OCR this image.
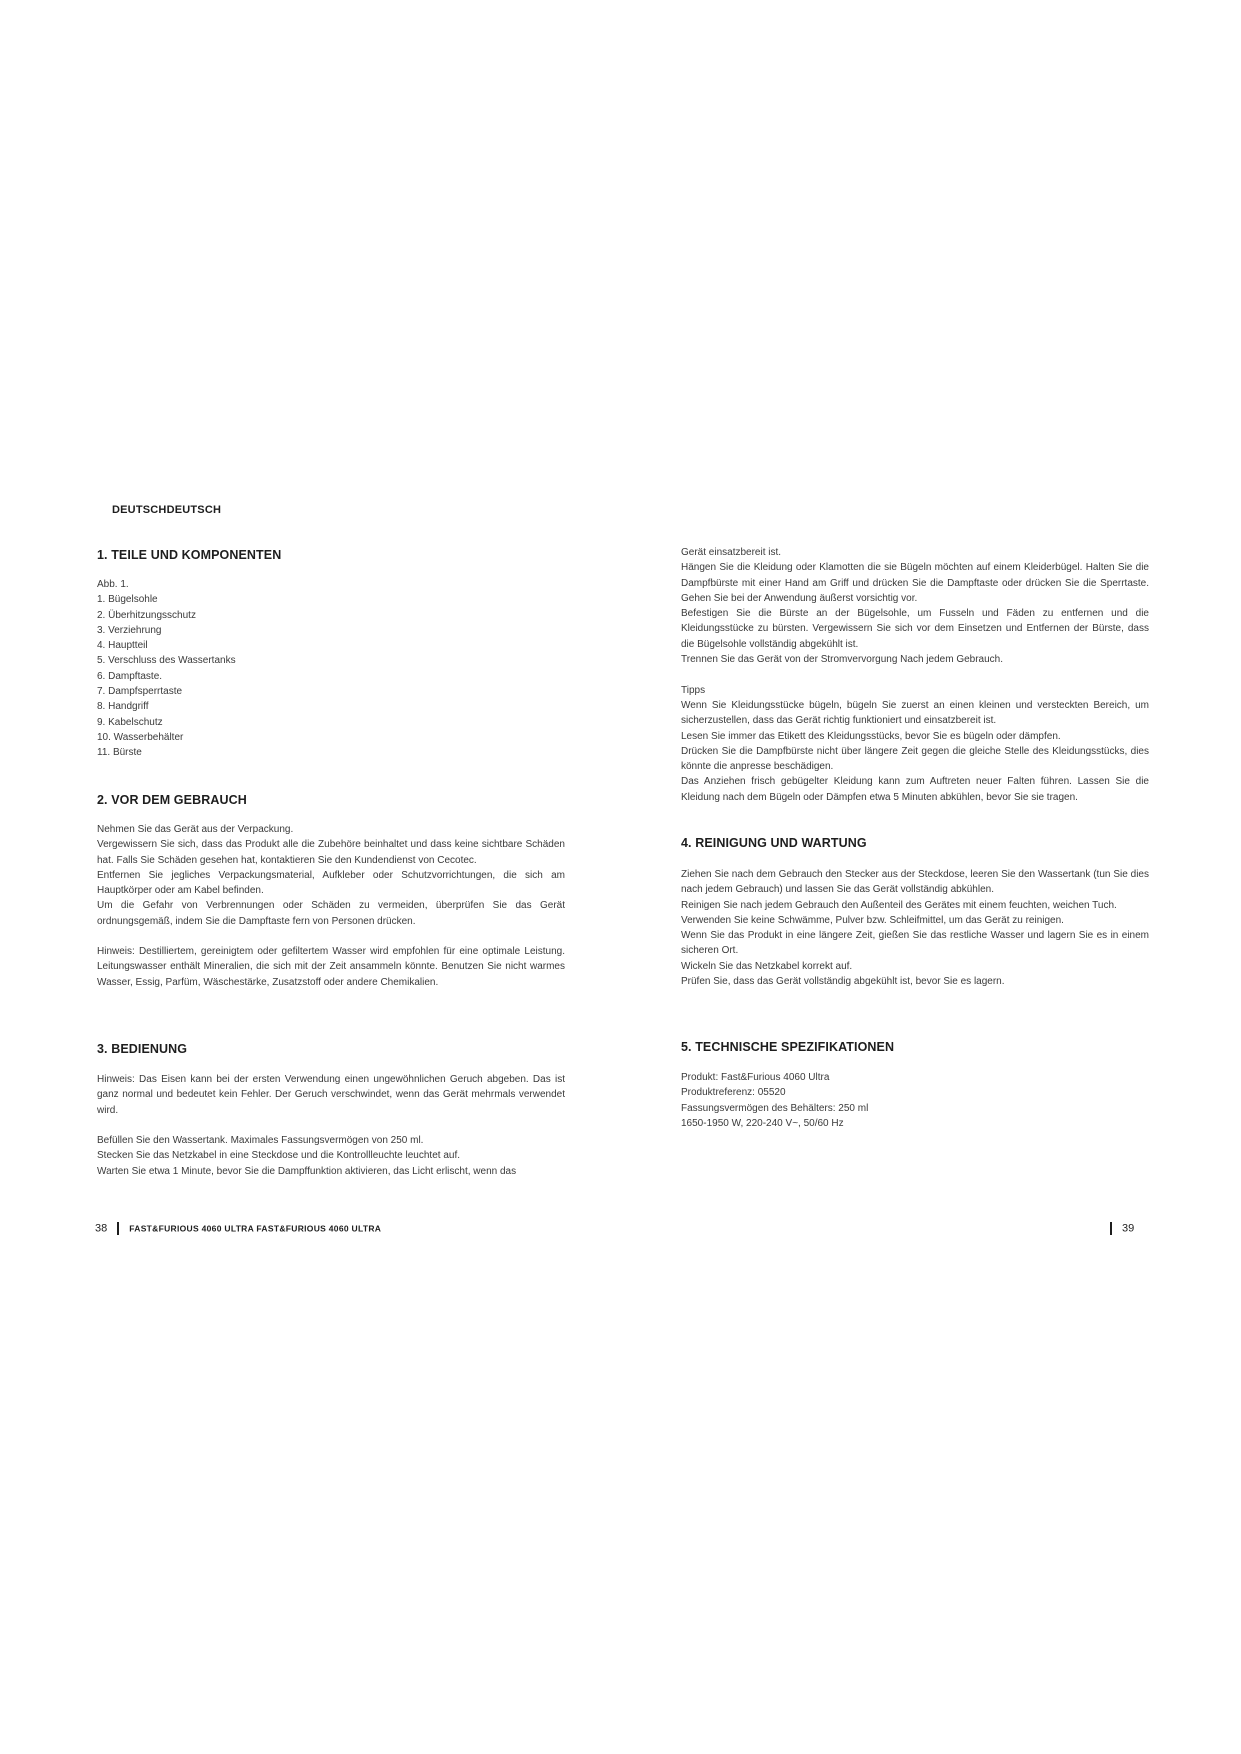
DEUTSCHDEUTSCH
1. TEILE UND KOMPONENTEN
Abb. 1.
1. Bügelsohle
2. Überhitzungsschutz
3. Verziehrung
4. Hauptteil
5. Verschluss des Wassertanks
6. Dampftaste.
7. Dampfsperrtaste
8. Handgriff
9. Kabelschutz
10. Wasserbehälter
11. Bürste
2. VOR DEM GEBRAUCH
Nehmen Sie das Gerät aus der Verpackung.
Vergewissern Sie sich, dass das Produkt alle die Zubehöre beinhaltet und dass keine sichtbare Schäden hat. Falls Sie Schäden gesehen hat, kontaktieren Sie den Kundendienst von Cecotec.
Entfernen Sie jegliches Verpackungsmaterial, Aufkleber oder Schutzvorrichtungen, die sich am Hauptkörper oder am Kabel befinden.
Um die Gefahr von Verbrennungen oder Schäden zu vermeiden, überprüfen Sie das Gerät ordnungsgemäß, indem Sie die Dampftaste fern von Personen drücken.
Hinweis: Destilliertem, gereinigtem oder gefiltertem Wasser wird empfohlen für eine optimale Leistung. Leitungswasser enthält Mineralien, die sich mit der Zeit ansammeln könnte. Benutzen Sie nicht warmes Wasser, Essig, Parfüm, Wäschestärke, Zusatzstoff oder andere Chemikalien.
3. BEDIENUNG
Hinweis: Das Eisen kann bei der ersten Verwendung einen ungewöhnlichen Geruch abgeben. Das ist ganz normal und bedeutet kein Fehler. Der Geruch verschwindet, wenn das Gerät mehrmals verwendet wird.
Befüllen Sie den Wassertank. Maximales Fassungsvermögen von 250 ml.
Stecken Sie das Netzkabel in eine Steckdose und die Kontrollleuchte leuchtet auf.
Warten Sie etwa 1 Minute, bevor Sie die Dampffunktion aktivieren, das Licht erlischt, wenn das
Gerät einsatzbereit ist.
Hängen Sie die Kleidung oder Klamotten die sie Bügeln möchten auf einem Kleiderbügel. Halten Sie die Dampfbürste mit einer Hand am Griff und drücken Sie die Dampftaste oder drücken Sie die Sperrtaste. Gehen Sie bei der Anwendung äußerst vorsichtig vor.
Befestigen Sie die Bürste an der Bügelsohle, um Fusseln und Fäden zu entfernen und die Kleidungsstücke zu bürsten. Vergewissern Sie sich vor dem Einsetzen und Entfernen der Bürste, dass die Bügelsohle vollständig abgekühlt ist.
Trennen Sie das Gerät von der Stromvervorgung Nach jedem Gebrauch.
Tipps
Wenn Sie Kleidungsstücke bügeln, bügeln Sie zuerst an einen kleinen und versteckten Bereich, um sicherzustellen, dass das Gerät richtig funktioniert und einsatzbereit ist.
Lesen Sie immer das Etikett des Kleidungsstücks, bevor Sie es bügeln oder dämpfen.
Drücken Sie die Dampfbürste nicht über längere Zeit gegen die gleiche Stelle des Kleidungsstücks, dies könnte die anpresse beschädigen.
Das Anziehen frisch gebügelter Kleidung kann zum Auftreten neuer Falten führen. Lassen Sie die Kleidung nach dem Bügeln oder Dämpfen etwa 5 Minuten abkühlen, bevor Sie sie tragen.
4. REINIGUNG UND WARTUNG
Ziehen Sie nach dem Gebrauch den Stecker aus der Steckdose, leeren Sie den Wassertank (tun Sie dies nach jedem Gebrauch) und lassen Sie das Gerät vollständig abkühlen.
Reinigen Sie nach jedem Gebrauch den Außenteil des Gerätes mit einem feuchten, weichen Tuch.
Verwenden Sie keine Schwämme, Pulver bzw. Schleifmittel, um das Gerät zu reinigen.
Wenn Sie das Produkt in eine längere Zeit, gießen Sie das restliche Wasser und lagern Sie es in einem sicheren Ort.
Wickeln Sie das Netzkabel korrekt auf.
Prüfen Sie, dass das Gerät vollständig abgekühlt ist, bevor Sie es lagern.
5. TECHNISCHE SPEZIFIKATIONEN
Produkt: Fast&Furious 4060 Ultra
Produktreferenz: 05520
Fassungsvermögen des Behälters: 250 ml
1650-1950 W, 220-240 V~, 50/60 Hz
38	FAST&FURIOUS 4060 ULTRA FAST&FURIOUS 4060 ULTRA	39
